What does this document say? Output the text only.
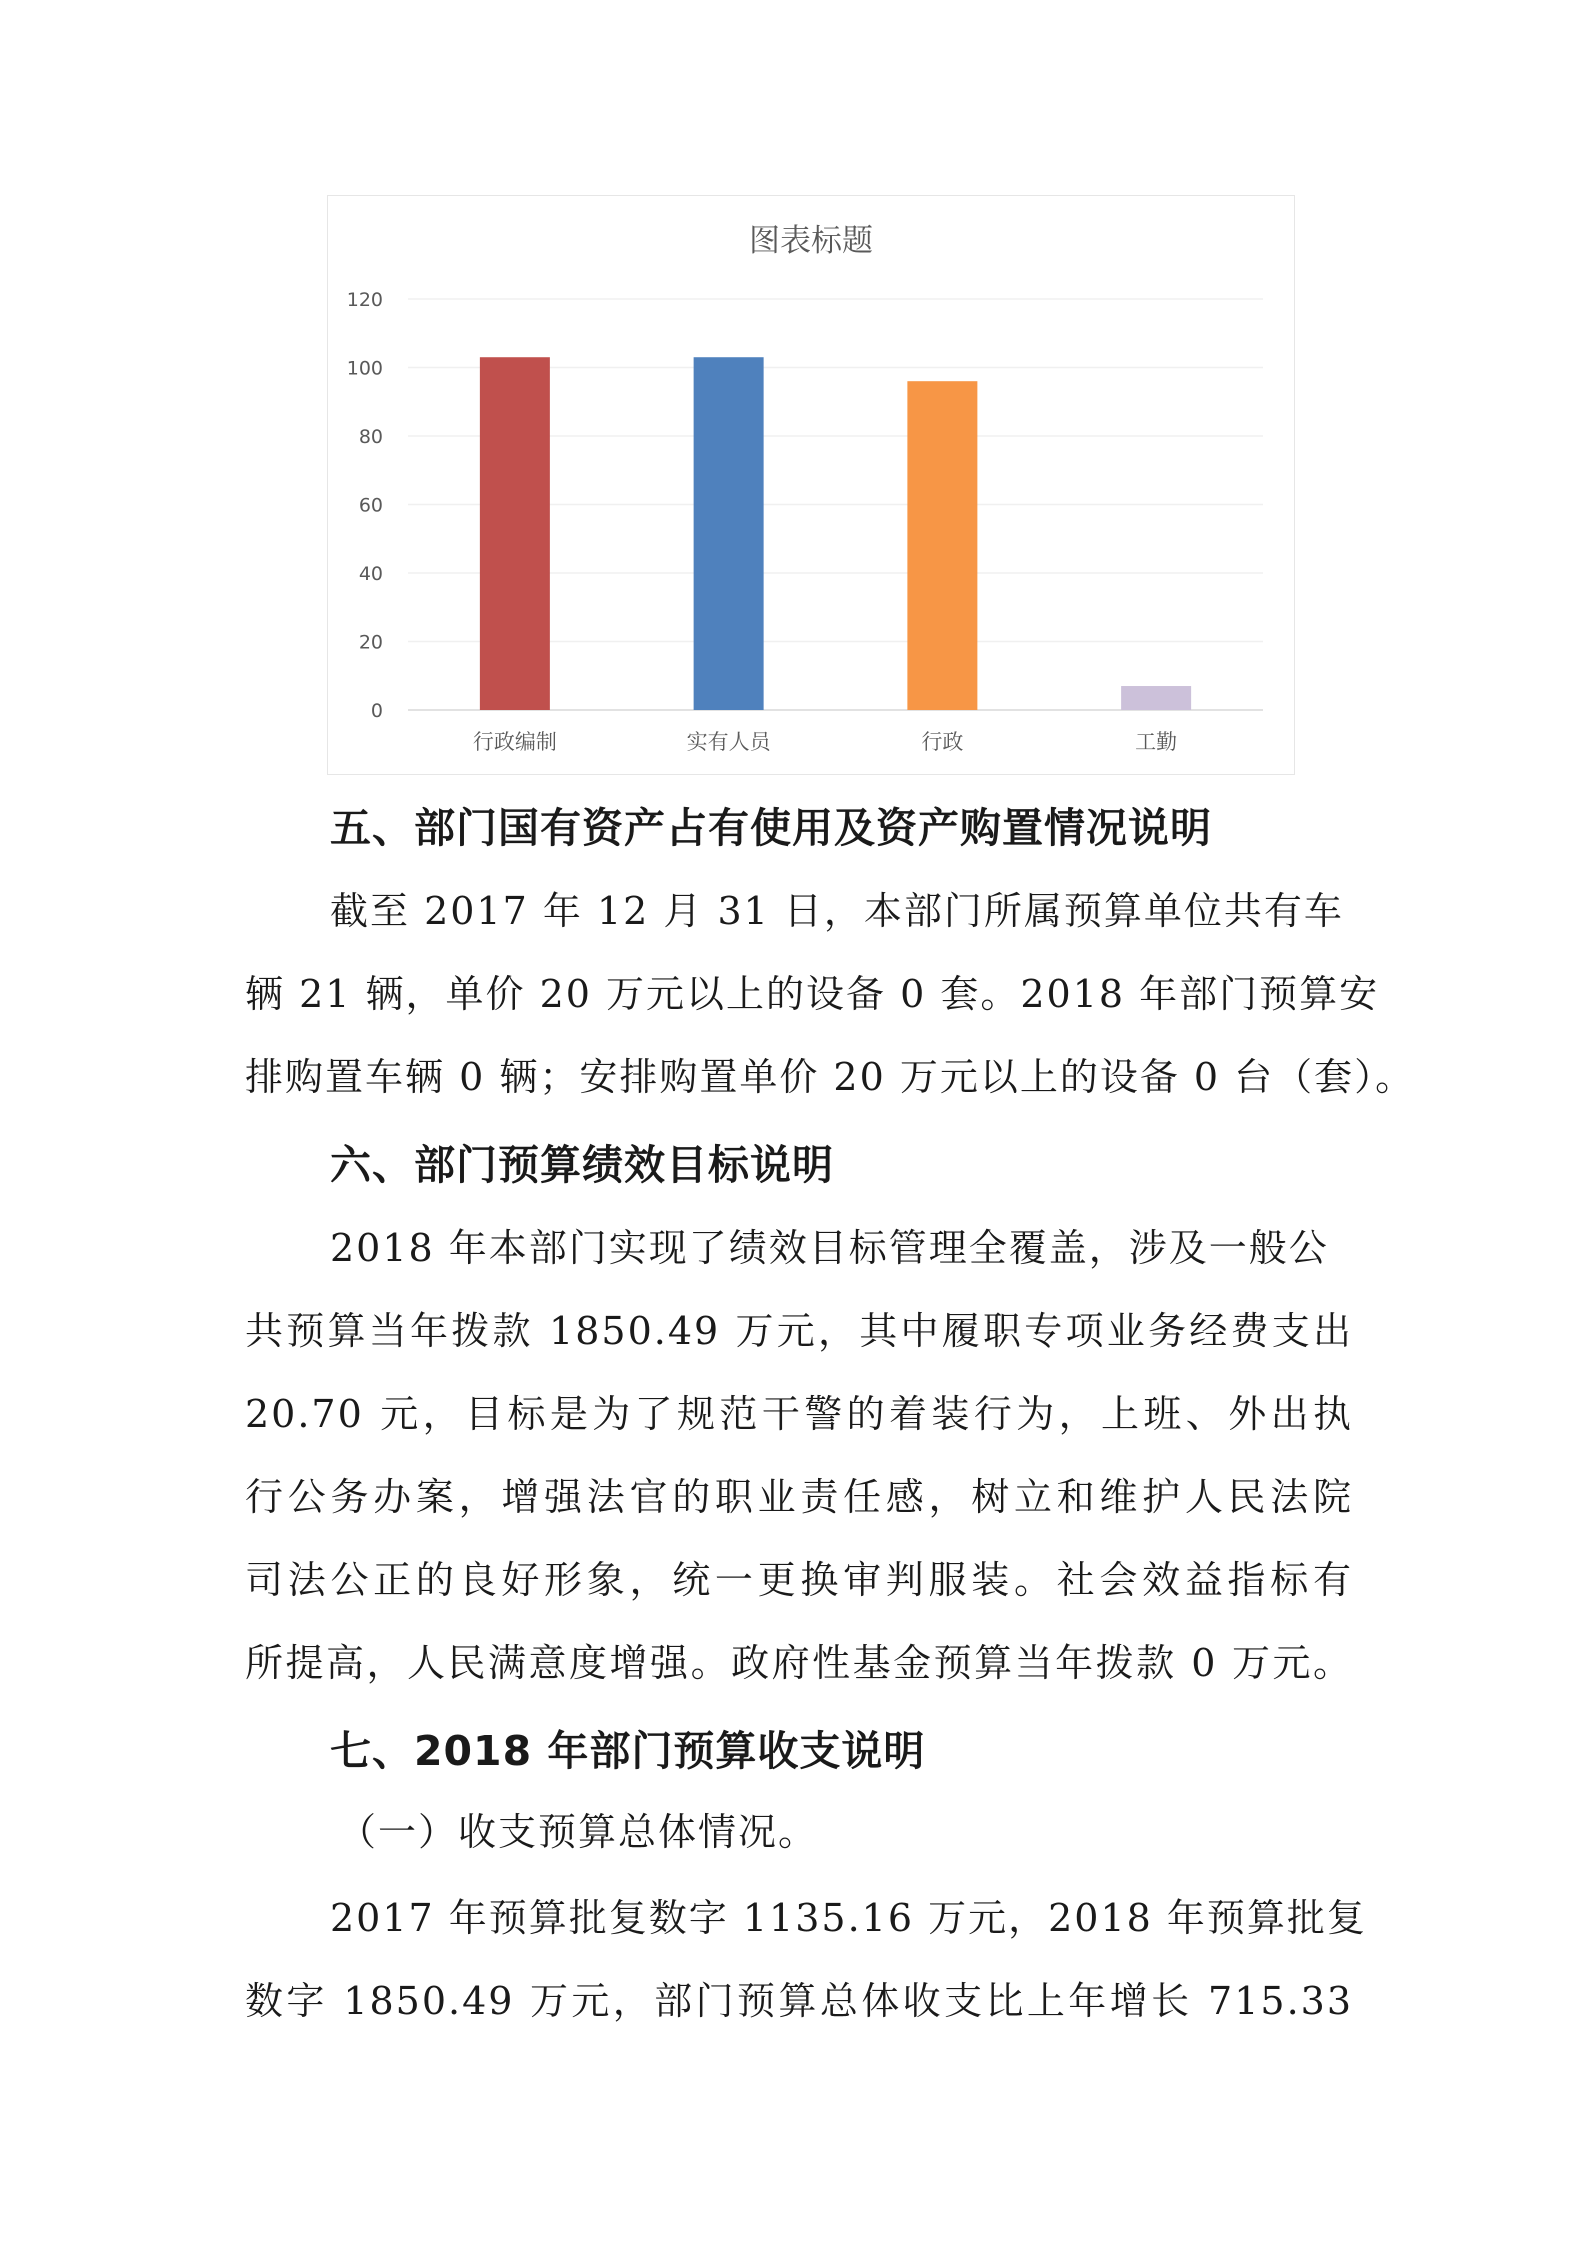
图表标题
0
20
40
60
80
100
120
行政编制	实有人员	行政	工勤
五、部门国有资产占有使用及资产购置情况说明
截至 2017 年 12 月 31 日，本部门所属预算单位共有车
辆 21 辆，单价 20 万元以上的设备 0 套。2018 年部门预算安
排购置车辆 0 辆；安排购置单价 20 万元以上的设备 0 台（套）。
六、部门预算绩效目标说明
2018 年本部门实现了绩效目标管理全覆盖，涉及一般公
共预算当年拨款 1850.49 万元，其中履职专项业务经费支出
20.70 元，目标是为了规范干警的着装行为，上班、外出执
行公务办案，增强法官的职业责任感，树立和维护人民法院
司法公正的良好形象，统一更换审判服装。社会效益指标有
所提高，人民满意度增强。政府性基金预算当年拨款 0 万元。
七、2018 年部门预算收支说明
（一）收支预算总体情况。
2017 年预算批复数字 1135.16 万元，2018 年预算批复
数字 1850.49 万元，部门预算总体收支比上年增长 715.33
